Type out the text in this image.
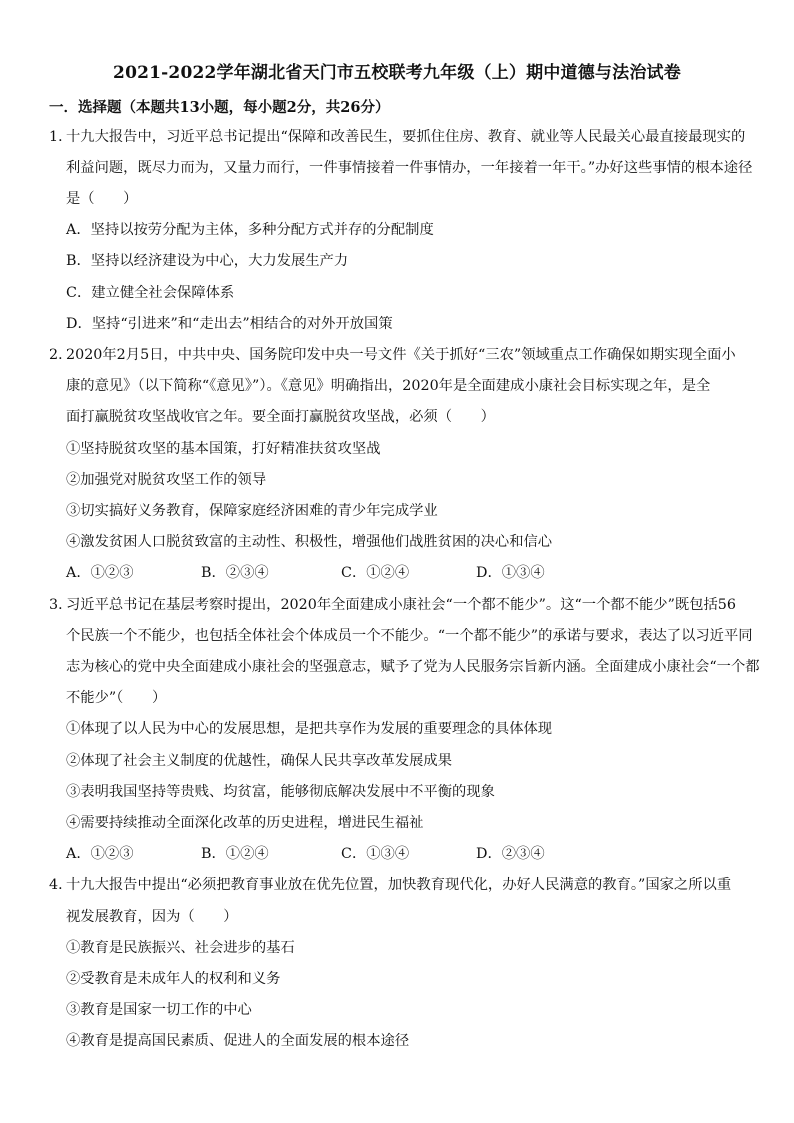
2021-2022学年湖北省天门市五校联考九年级（上）期中道德与法治试卷
一．选择题（本题共13小题，每小题2分，共26分）
1．
十九大报告中，习近平总书记提出“保障和改善民生，要抓住住房、教育、就业等人民最关心最直接最现实的
利益问题，既尽力而为，又量力而行，一件事情接着一件事情办，一年接着一年干。”办好这些事情的根本途径
是（　　）
A．坚持以按劳分配为主体，多种分配方式并存的分配制度
B．坚持以经济建设为中心，大力发展生产力
C．建立健全社会保障体系
D．坚持“引进来”和“走出去”相结合的对外开放国策
2．
2020年2月5日，中共中央、国务院印发中央一号文件《关于抓好“三农”领域重点工作确保如期实现全面小
康的意见》（以下简称“《意见》”）。《意见》明确指出，2020年是全面建成小康社会目标实现之年，是全
面打赢脱贫攻坚战收官之年。要全面打赢脱贫攻坚战，必须（　　）
①坚持脱贫攻坚的基本国策，打好精准扶贫攻坚战
②加强党对脱贫攻坚工作的领导
③切实搞好义务教育，保障家庭经济困难的青少年完成学业
④激发贫困人口脱贫致富的主动性、积极性，增强他们战胜贫困的决心和信心
A．①②③	B．②③④	C．①②④	D．①③④
3．
习近平总书记在基层考察时提出，2020年全面建成小康社会“一个都不能少”。这“一个都不能少”既包括56
个民族一个不能少，也包括全体社会个体成员一个不能少。“一个都不能少”的承诺与要求，表达了以习近平同
志为核心的党中央全面建成小康社会的坚强意志，赋予了党为人民服务宗旨新内涵。全面建成小康社会“一个都
不能少”（　　）
①体现了以人民为中心的发展思想，是把共享作为发展的重要理念的具体体现
②体现了社会主义制度的优越性，确保人民共享改革发展成果
③表明我国坚持等贵贱、均贫富，能够彻底解决发展中不平衡的现象
④需要持续推动全面深化改革的历史进程，增进民生福祉
A．①②③	B．①②④	C．①③④	D．②③④
4．
十九大报告中提出“必须把教育事业放在优先位置，加快教育现代化，办好人民满意的教育。”国家之所以重
视发展教育，因为（　　）
①教育是民族振兴、社会进步的基石
②受教育是未成年人的权利和义务
③教育是国家一切工作的中心
④教育是提高国民素质、促进人的全面发展的根本途径
